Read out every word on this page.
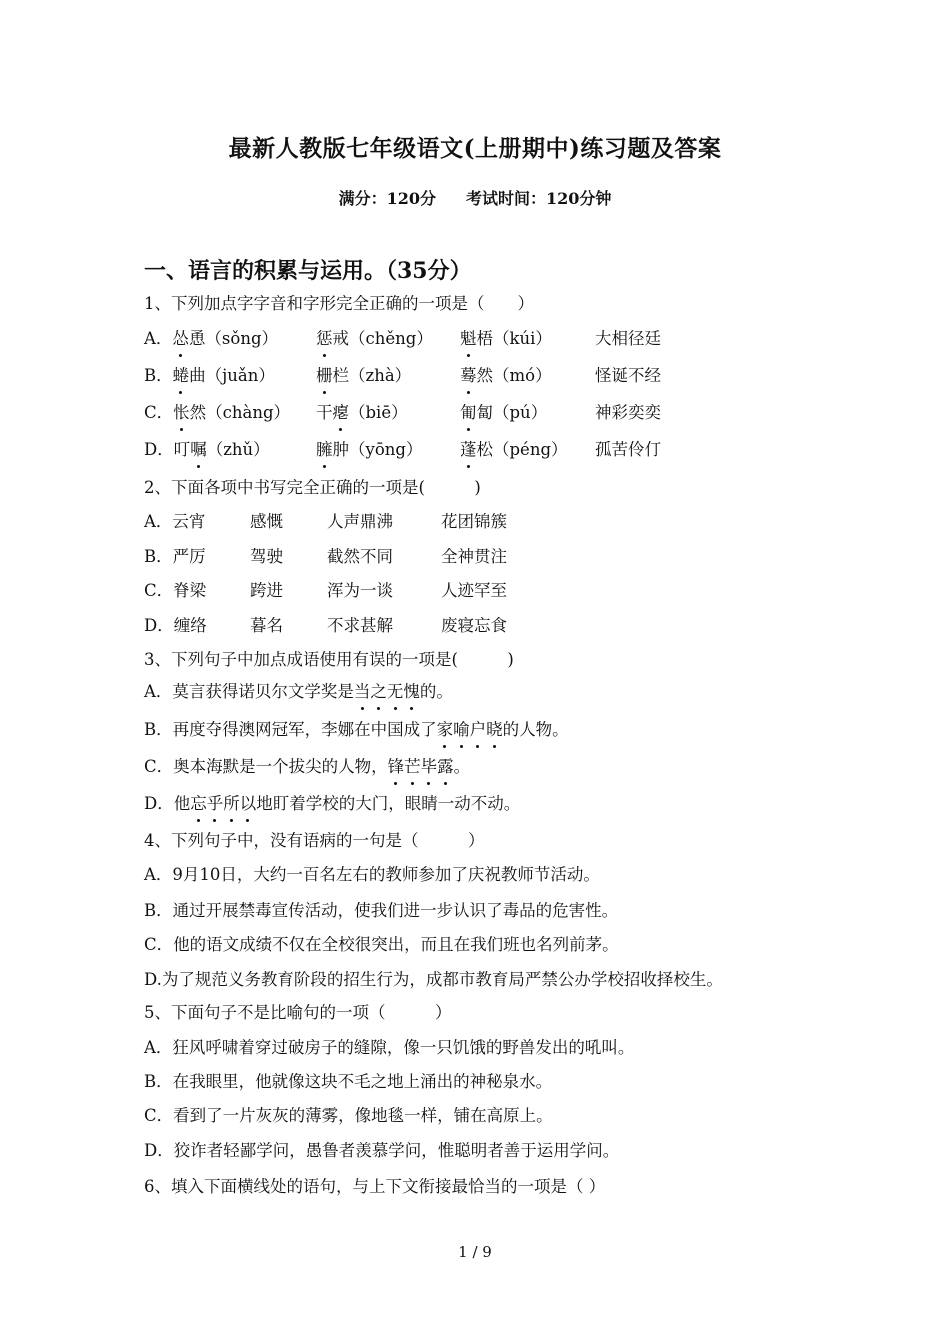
最新人教版七年级语文(上册期中)练习题及答案
满分：120分 考试时间：120分钟
一、语言的积累与运用。（35分）
1、下列加点字字音和字形完全正确的一项是（　　）
A．怂恿（sǒng） 惩戒（chěng） 魁梧（kúi）	大相径廷
B．蜷曲（juǎn） 栅栏（zhà）	蓦然（mó）	怪诞不经
C．怅然（chàng） 干瘪（biē）	匍匐（pú）	神彩奕奕
D．叮嘱（zhǔ）	臃肿（yōng） 蓬松（péng） 孤苦伶仃
2、下面各项中书写完全正确的一项是(　　　)
A．云宵	感慨	人声鼎沸	花团锦簇
B．严厉	驾驶	截然不同	全神贯注
C．脊梁	跨进	浑为一谈	人迹罕至
D．缠络	暮名	不求甚解	废寝忘食
3、下列句子中加点成语使用有误的一项是(　　　)
A．莫言获得诺贝尔文学奖是当之无愧的。
B．再度夺得澳网冠军，李娜在中国成了家喻户晓的人物。
C．奥本海默是一个拔尖的人物，锋芒毕露。
D．他忘乎所以地盯着学校的大门，眼睛一动不动。
4、下列句子中，没有语病的一句是（　　　）
A．9月10日，大约一百名左右的教师参加了庆祝教师节活动。
B．通过开展禁毒宣传活动，使我们进一步认识了毒品的危害性。
C．他的语文成绩不仅在全校很突出，而且在我们班也名列前茅。
D.为了规范义务教育阶段的招生行为，成都市教育局严禁公办学校招收择校生。
5、下面句子不是比喻句的一项（　　　）
A．狂风呼啸着穿过破房子的缝隙，像一只饥饿的野兽发出的吼叫。
B．在我眼里，他就像这块不毛之地上涌出的神秘泉水。
C．看到了一片灰灰的薄雾，像地毯一样，铺在高原上。
D．狡诈者轻鄙学问，愚鲁者羡慕学问，惟聪明者善于运用学问。
6、填入下面横线处的语句，与上下文衔接最恰当的一项是（ ）
1 / 9
